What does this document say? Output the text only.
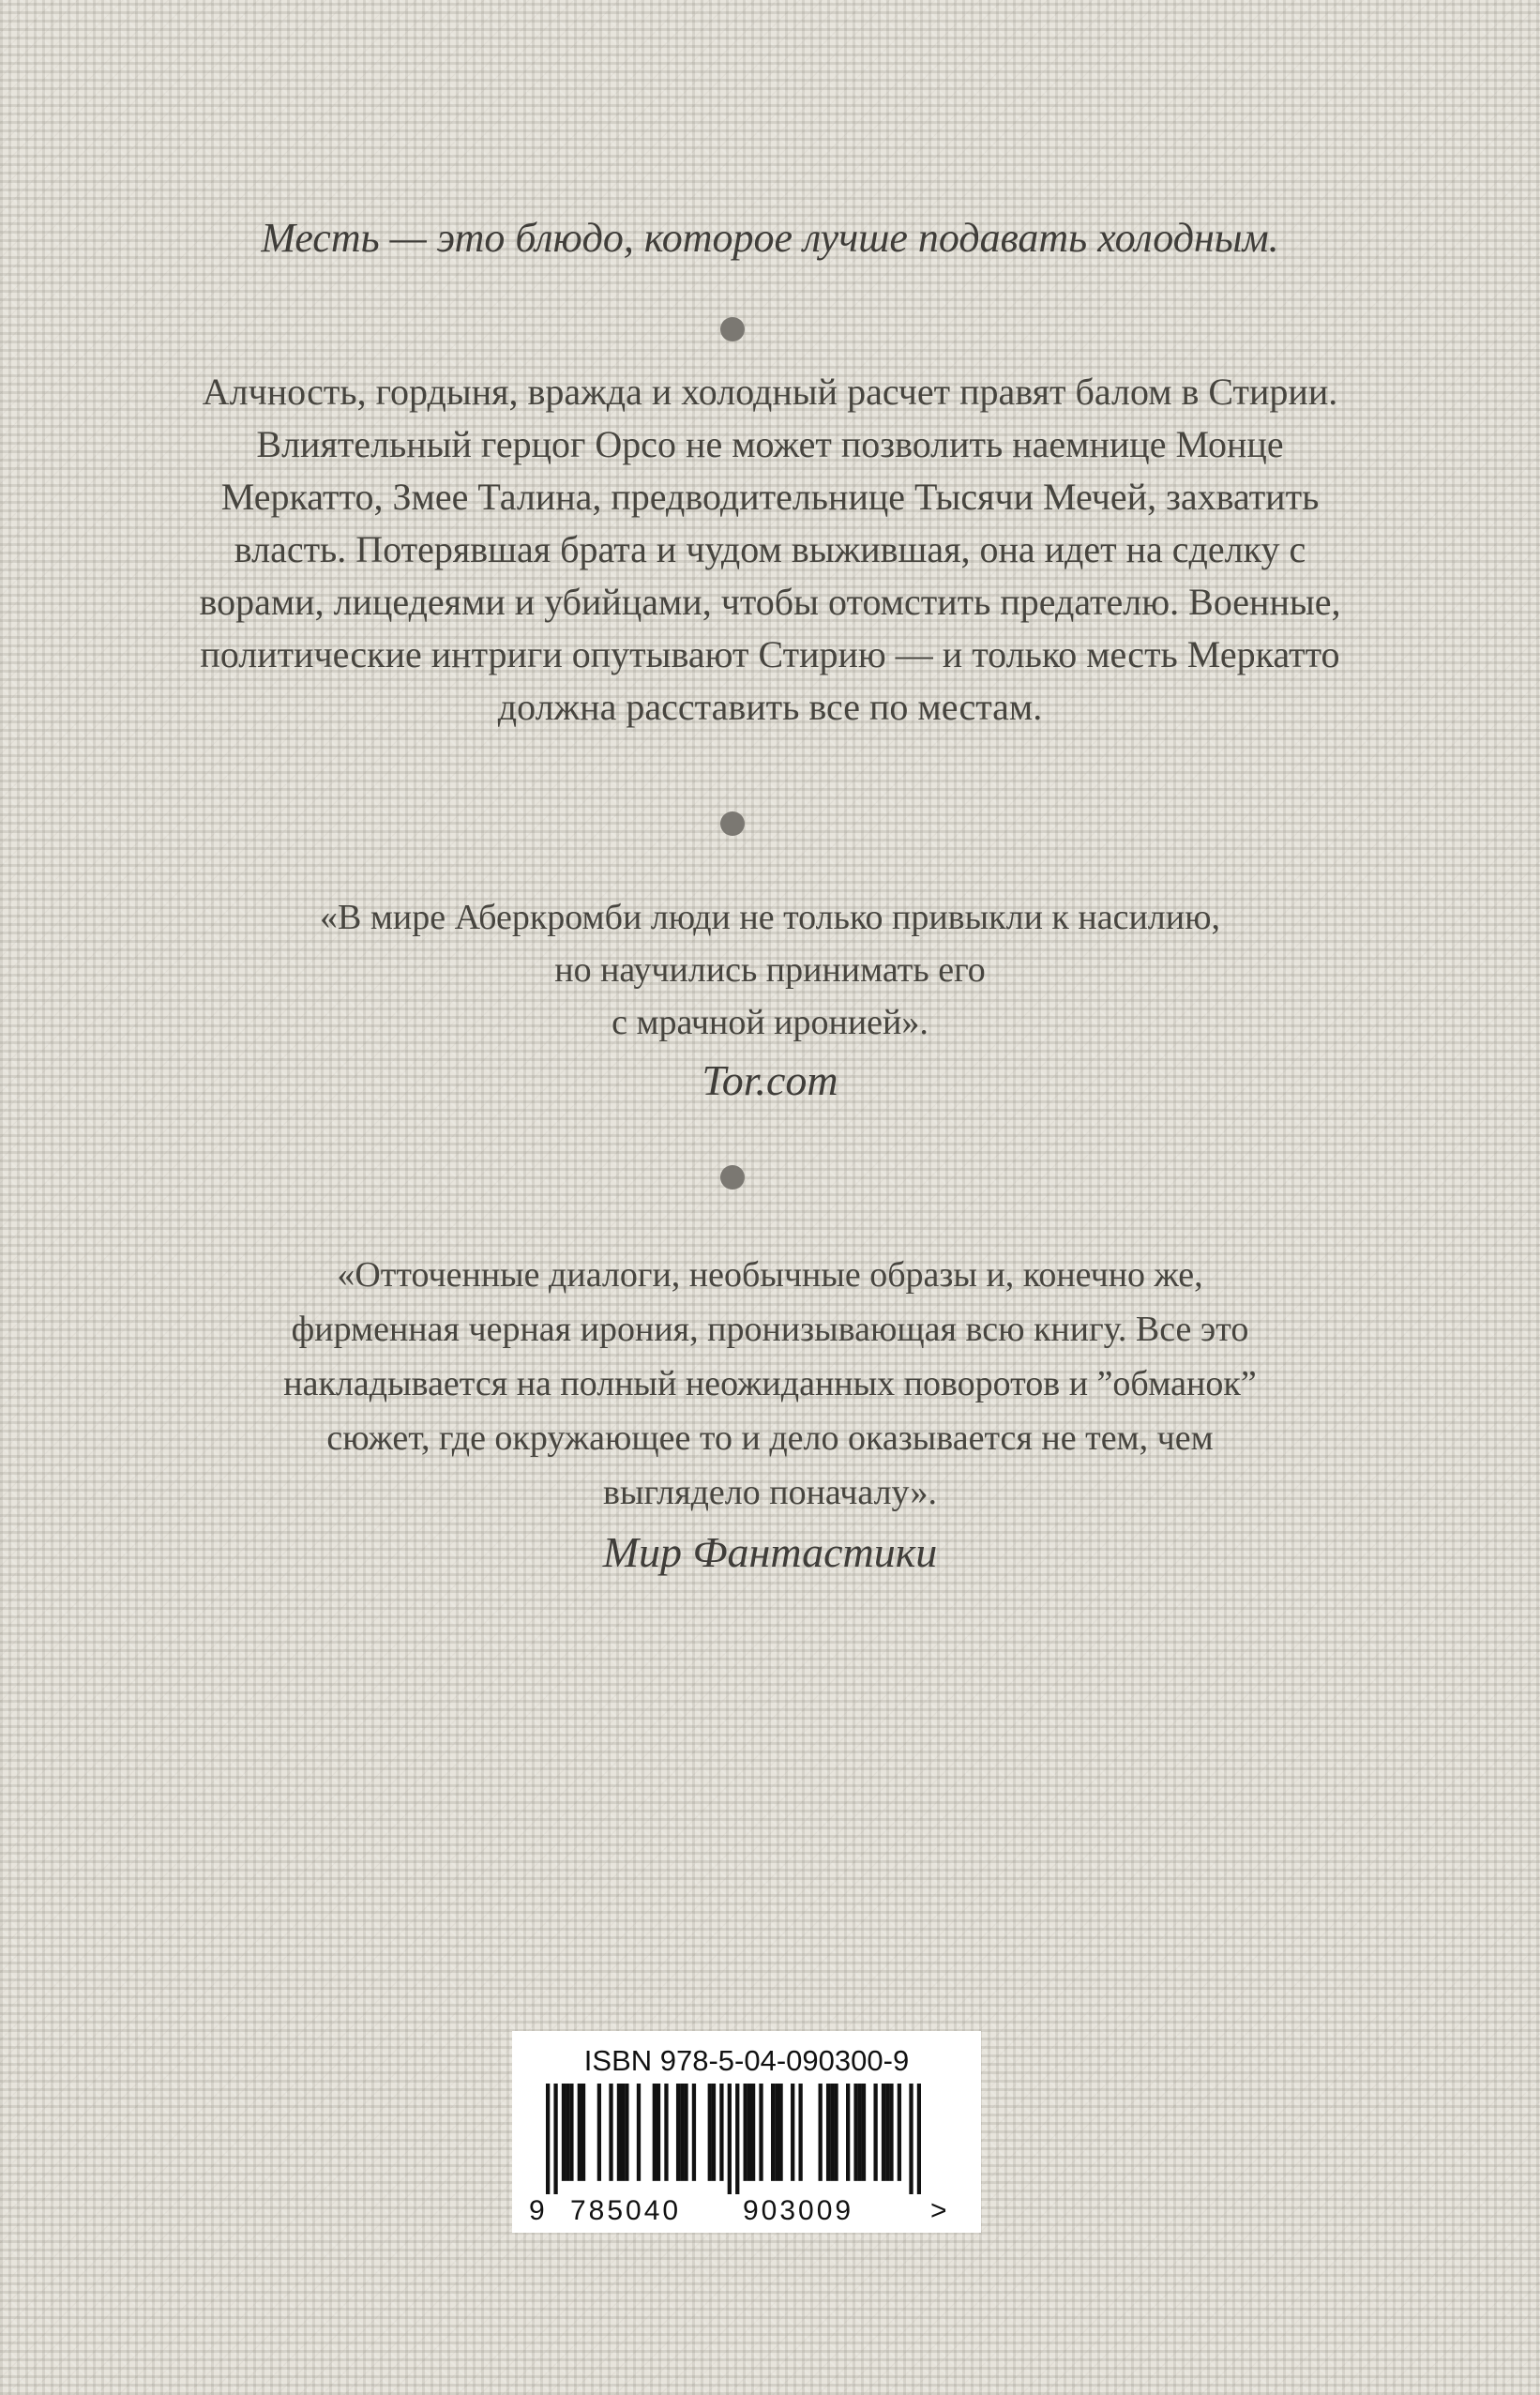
Месть — это блюдо, которое лучше подавать холодным.
Алчность, гордыня, вражда и холодный расчет правят балом в Стирии.
Влиятельный герцог Орсо не может позволить наемнице Монце
Меркатто, Змее Талина, предводительнице Тысячи Мечей, захватить
власть. Потерявшая брата и чудом выжившая, она идет на сделку с
ворами, лицедеями и убийцами, чтобы отомстить предателю. Военные,
политические интриги опутывают Стирию — и только месть Меркатто
должна расставить все по местам.
«В мире Аберкромби люди не только привыкли к насилию,
но научились принимать его
с мрачной иронией».
Tor.com
«Отточенные диалоги, необычные образы и, конечно же,
фирменная черная ирония, пронизывающая всю книгу. Все это
накладывается на полный неожиданных поворотов и ”обманок”
сюжет, где окружающее то и дело оказывается не тем, чем
выглядело поначалу».
Мир Фантастики
ISBN 978-5-04-090300-9
9 785040 903009	>
